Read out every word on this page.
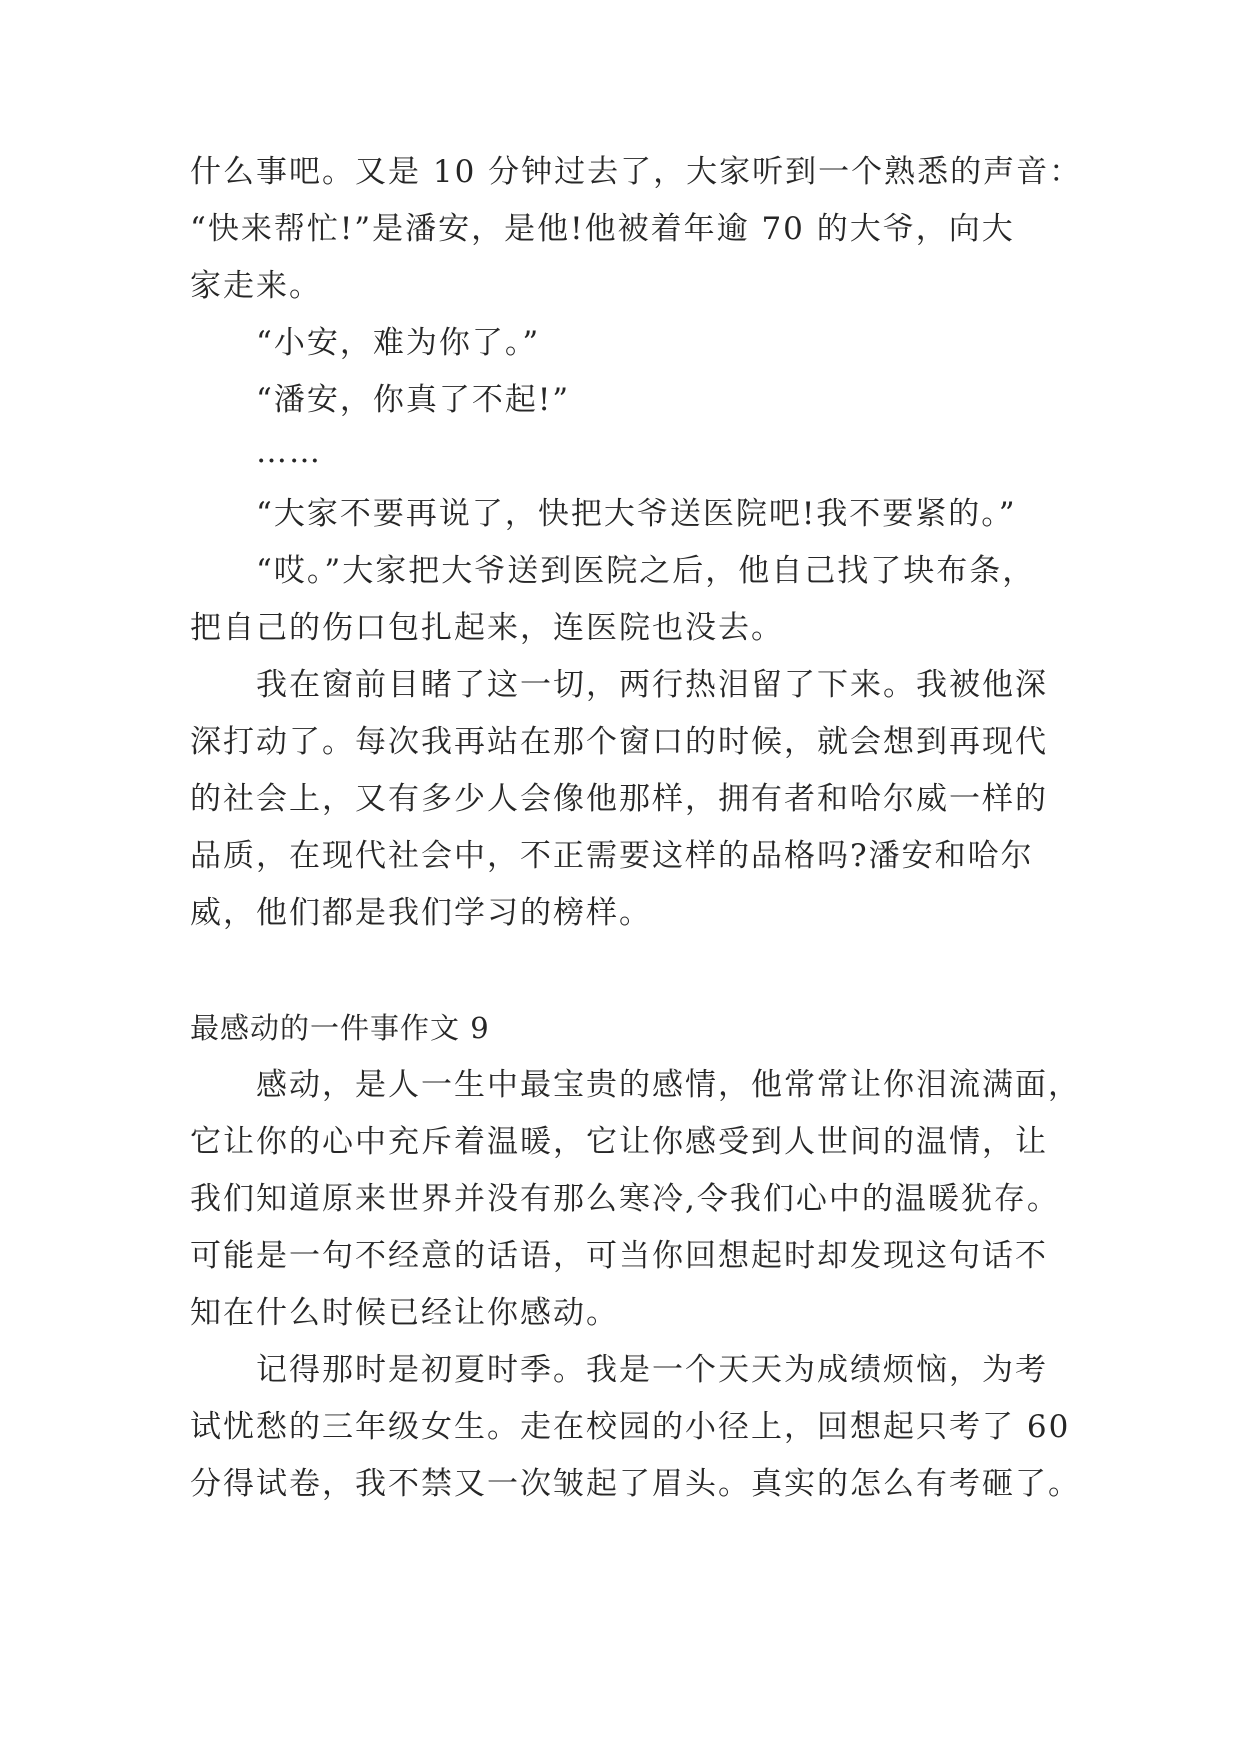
什么事吧。又是 10 分钟过去了，大家听到一个熟悉的声音：
“快来帮忙!”是潘安，是他!他被着年逾 70 的大爷，向大
家走来。
“小安，难为你了。”
“潘安，你真了不起!”
……
“大家不要再说了，快把大爷送医院吧!我不要紧的。”
“哎。”大家把大爷送到医院之后，他自己找了块布条，
把自己的伤口包扎起来，连医院也没去。
我在窗前目睹了这一切，两行热泪留了下来。我被他深
深打动了。每次我再站在那个窗口的时候，就会想到再现代
的社会上，又有多少人会像他那样，拥有者和哈尔威一样的
品质，在现代社会中，不正需要这样的品格吗?潘安和哈尔
威，他们都是我们学习的榜样。
最感动的一件事作文 9
感动，是人一生中最宝贵的感情，他常常让你泪流满面，
它让你的心中充斥着温暖，它让你感受到人世间的温情，让
我们知道原来世界并没有那么寒冷,令我们心中的温暖犹存。
可能是一句不经意的话语，可当你回想起时却发现这句话不
知在什么时候已经让你感动。
记得那时是初夏时季。我是一个天天为成绩烦恼，为考
试忧愁的三年级女生。走在校园的小径上，回想起只考了 60
分得试卷，我不禁又一次皱起了眉头。真实的怎么有考砸了。
